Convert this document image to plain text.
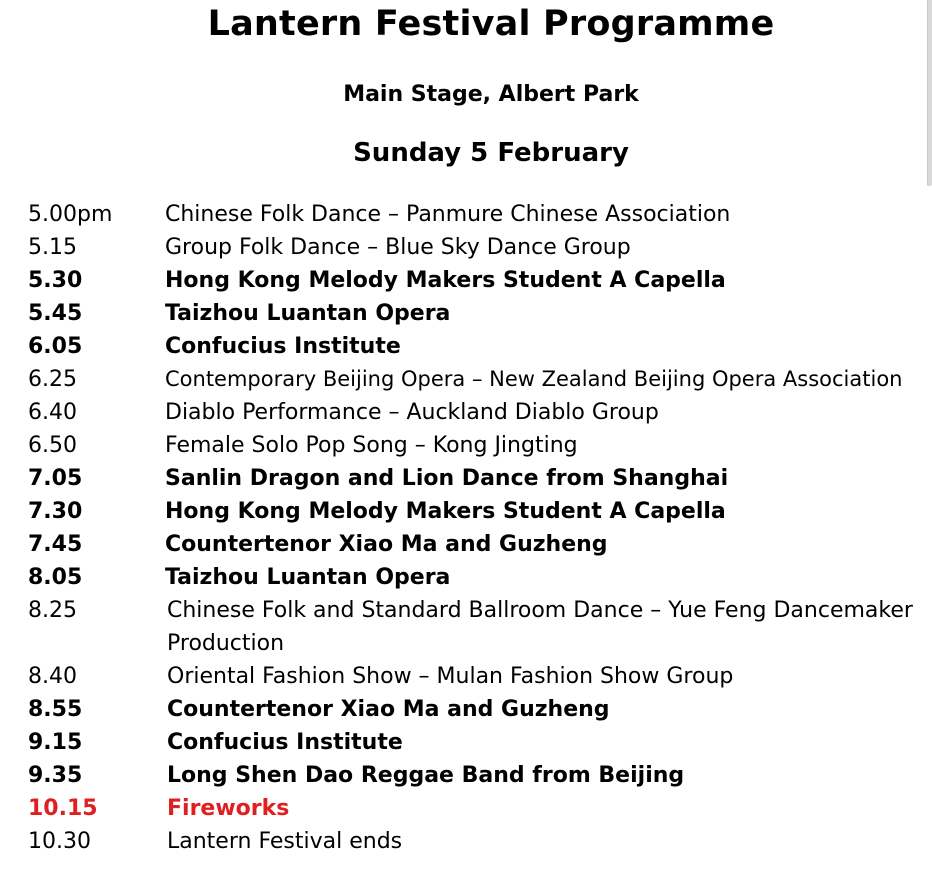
Lantern Festival Programme
Main Stage, Albert Park
Sunday 5 February
5.00pm	Chinese Folk Dance – Panmure Chinese Association
5.15	Group Folk Dance – Blue Sky Dance Group
5.30	Hong Kong Melody Makers Student A Capella
5.45	Taizhou Luantan Opera
6.05	Confucius Institute
6.25	Contemporary Beijing Opera – New Zealand Beijing Opera Association
6.40	Diablo Performance – Auckland Diablo Group
6.50	Female Solo Pop Song – Kong Jingting
7.05	Sanlin Dragon and Lion Dance from Shanghai
7.30	Hong Kong Melody Makers Student A Capella
7.45	Countertenor Xiao Ma and Guzheng
8.05	Taizhou Luantan Opera
8.25	Chinese Folk and Standard Ballroom Dance – Yue Feng Dancemaker Production
8.40	Oriental Fashion Show – Mulan Fashion Show Group
8.55	Countertenor Xiao Ma and Guzheng
9.15	Confucius Institute
9.35	Long Shen Dao Reggae Band from Beijing
10.15	Fireworks
10.30	Lantern Festival ends
